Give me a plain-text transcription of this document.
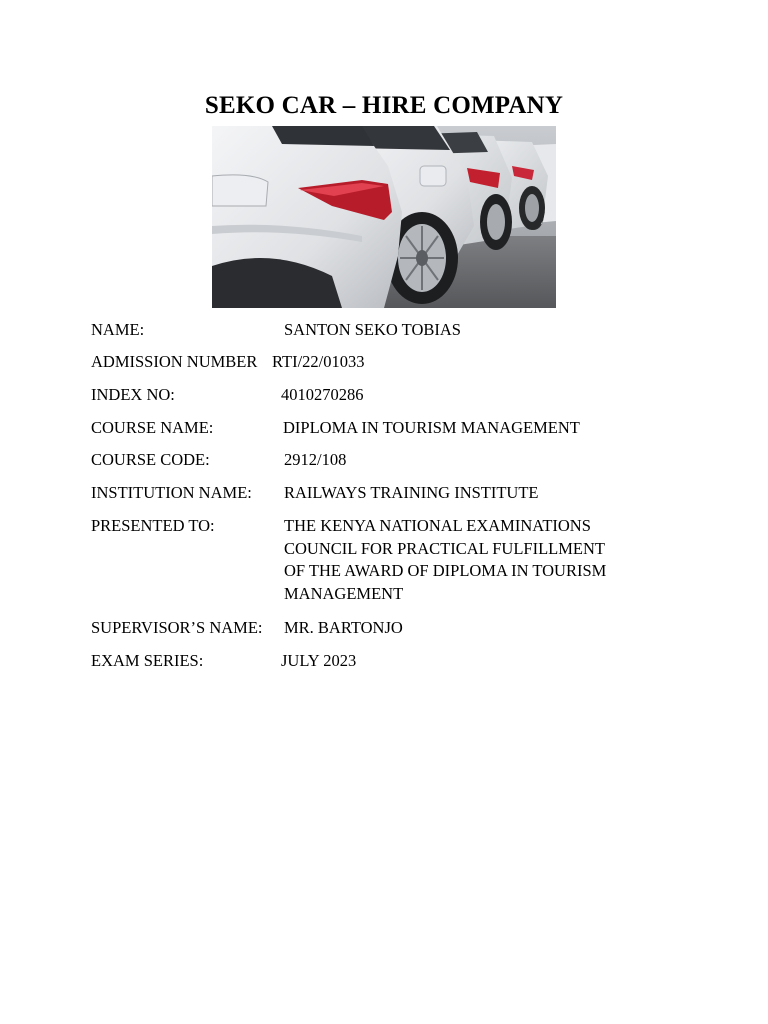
SEKO CAR – HIRE COMPANY
NAME:	SANTON SEKO TOBIAS
ADMISSION NUMBER RTI/22/01033
INDEX NO:	4010270286
COURSE NAME:	DIPLOMA IN TOURISM MANAGEMENT
COURSE CODE:	2912/108
INSTITUTION NAME: RAILWAYS TRAINING INSTITUTE
PRESENTED TO:	THE KENYA NATIONAL EXAMINATIONS
COUNCIL FOR PRACTICAL FULFILLMENT
OF THE AWARD OF DIPLOMA IN TOURISM
MANAGEMENT
SUPERVISOR’S NAME: MR. BARTONJO
EXAM SERIES:	JULY 2023
